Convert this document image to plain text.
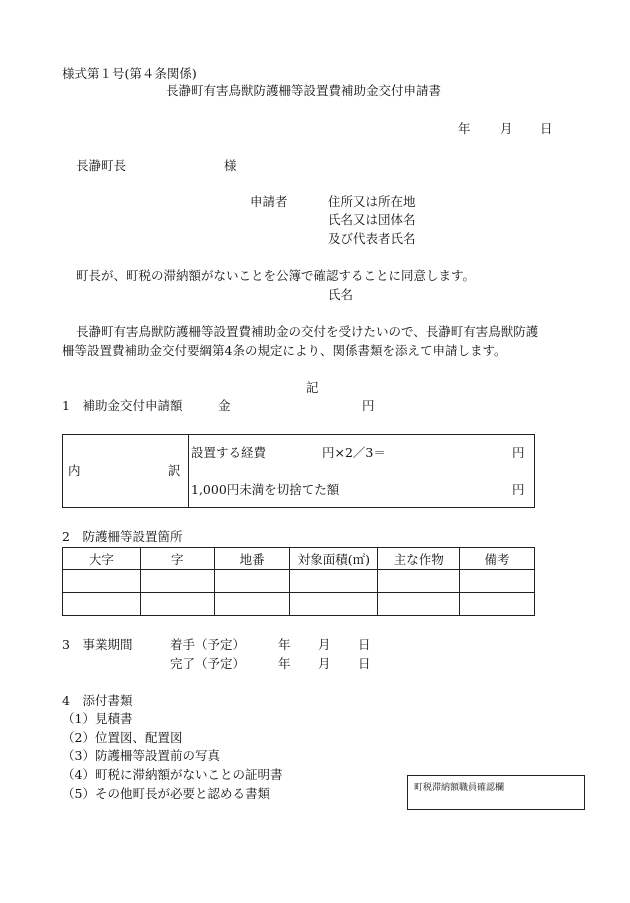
様式第１号(第４条関係)
長瀞町有害鳥獣防護柵等設置費補助金交付申請書
年 月 日
長瀞町長	様
申請者	住所又は所在地
氏名又は団体名
及び代表者氏名
町長が、町税の滞納額がないことを公簿で確認することに同意します。
氏名
長瀞町有害鳥獣防護柵等設置費補助金の交付を受けたいので、長瀞町有害鳥獣防護
柵等設置費補助金交付要綱第4条の規定により、関係書類を添えて申請します。
記
1　補助金交付申請額	金	円
内	訳
設置する経費	円×2／3＝	円
1,000円未満を切捨てた額	円
2　防護柵等設置箇所
大字	字	地番	対象面積(㎡)	主な作物	備考

3　事業期間	着手（予定）	年 月 日
完了（予定）	年 月 日
4　添付書類
（1）見積書
（2）位置図、配置図
（3）防護柵等設置前の写真
（4）町税に滞納額がないことの証明書
（5）その他町長が必要と認める書類	町税滞納額職員確認欄
